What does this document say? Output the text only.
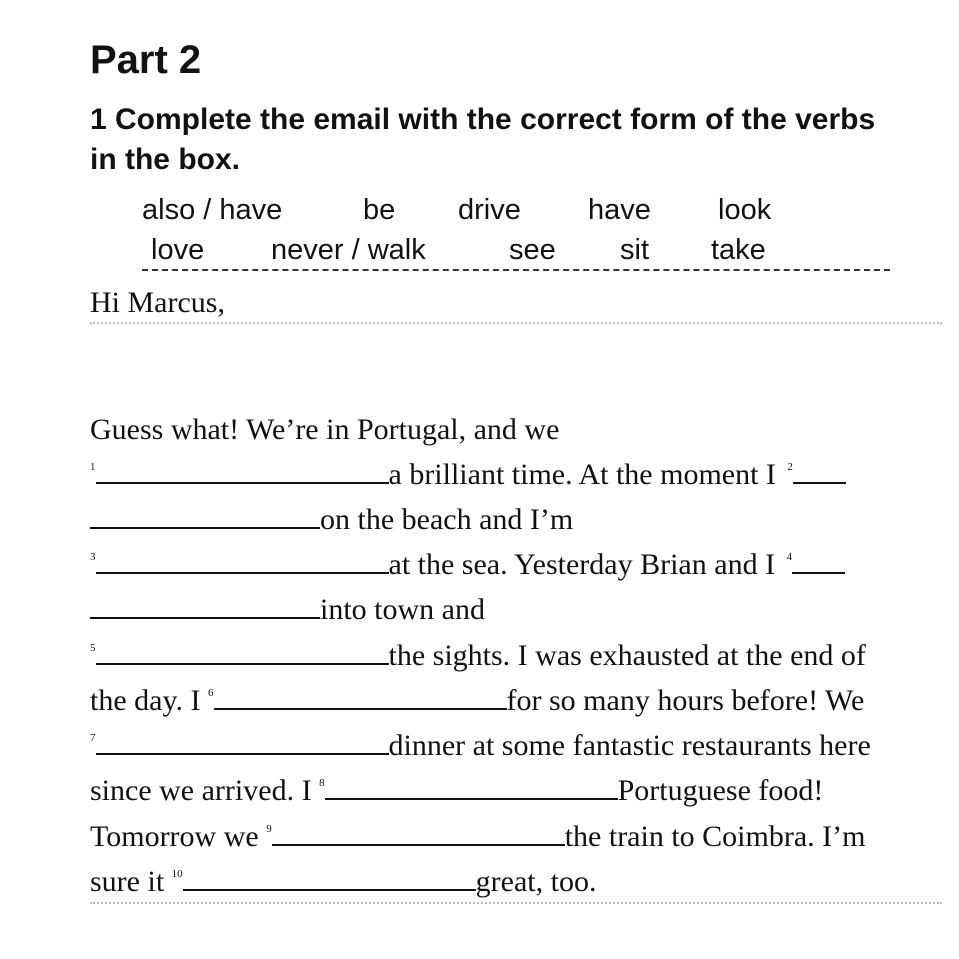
Part 2

1 Complete the email with the correct form of the verbs in the box.

also / have	be drive have look
love never / walk	see sit take
Hi Marcus,
Guess what! We’re in Portugal, and we
1	a brilliant time. At the moment I 2
on the beach and I’m
3	at the sea. Yesterday Brian and I 4
into town and
5	the sights. I was exhausted at the end of
the day. I 6	for so many hours before! We
7	dinner at some fantastic restaurants here
since we arrived. I 8	Portuguese food!
Tomorrow we 9	the train to Coimbra. I’m
sure it 10	great, too.
